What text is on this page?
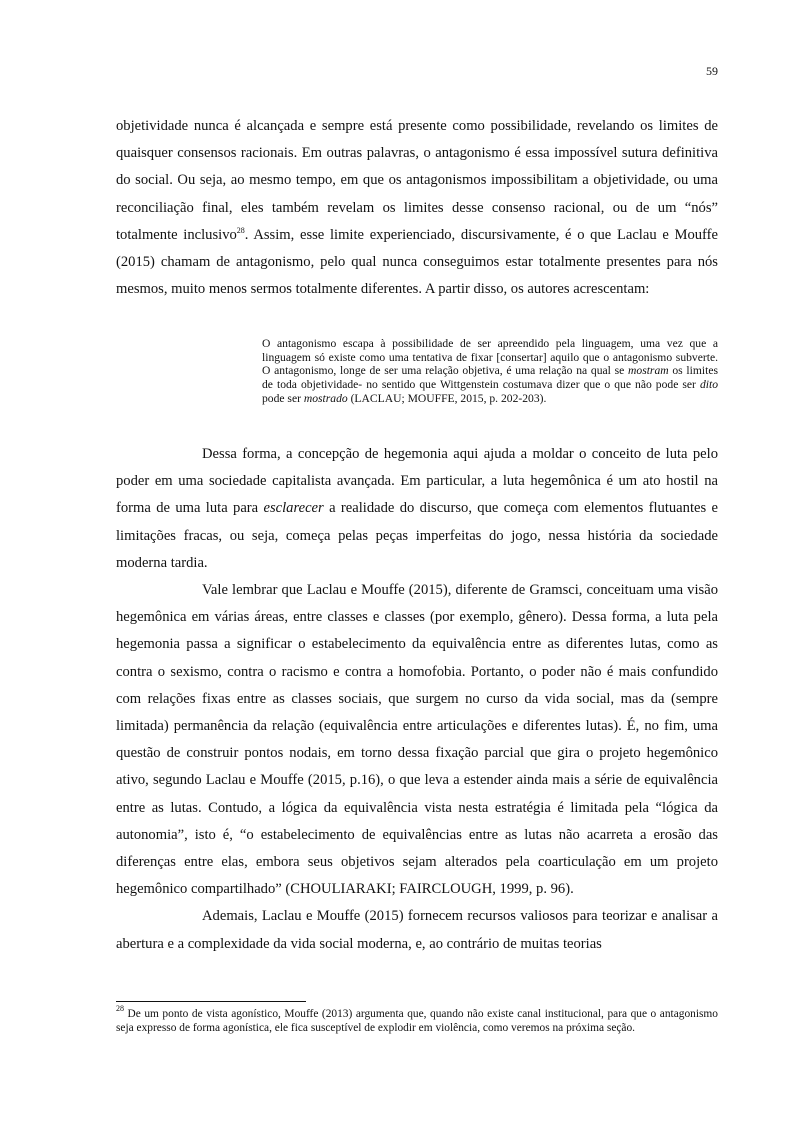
59

objetividade nunca é alcançada e sempre está presente como possibilidade, revelando os limites de quaisquer consensos racionais. Em outras palavras, o antagonismo é essa impossível sutura definitiva do social. Ou seja, ao mesmo tempo, em que os antagonismos impossibilitam a objetividade, ou uma reconciliação final, eles também revelam os limites desse consenso racional, ou de um “nós” totalmente inclusivo$^{28}$. Assim, esse limite experienciado, discursivamente, é o que Laclau e Mouffe (2015) chamam de antagonismo, pelo qual nunca conseguimos estar totalmente presentes para nós mesmos, muito menos sermos totalmente diferentes. A partir disso, os autores acrescentam:

O antagonismo escapa à possibilidade de ser apreendido pela linguagem, uma vez que a linguagem só existe como uma tentativa de fixar [consertar] aquilo que o antagonismo subverte. O antagonismo, longe de ser uma relação objetiva, é uma relação na qual se mostram os limites de toda objetividade- no sentido que Wittgenstein costumava dizer que o que não pode ser dito pode ser mostrado (LACLAU; MOUFFE, 2015, p. 202-203).

Dessa forma, a concepção de hegemonia aqui ajuda a moldar o conceito de luta pelo poder em uma sociedade capitalista avançada. Em particular, a luta hegemônica é um ato hostil na forma de uma luta para esclarecer a realidade do discurso, que começa com elementos flutuantes e limitações fracas, ou seja, começa pelas peças imperfeitas do jogo, nessa história da sociedade moderna tardia.

Vale lembrar que Laclau e Mouffe (2015), diferente de Gramsci, conceituam uma visão hegemônica em várias áreas, entre classes e classes (por exemplo, gênero). Dessa forma, a luta pela hegemonia passa a significar o estabelecimento da equivalência entre as diferentes lutas, como as contra o sexismo, contra o racismo e contra a homofobia. Portanto, o poder não é mais confundido com relações fixas entre as classes sociais, que surgem no curso da vida social, mas da (sempre limitada) permanência da relação (equivalência entre articulações e diferentes lutas). É, no fim, uma questão de construir pontos nodais, em torno dessa fixação parcial que gira o projeto hegemônico ativo, segundo Laclau e Mouffe (2015, p.16), o que leva a estender ainda mais a série de equivalência entre as lutas. Contudo, a lógica da equivalência vista nesta estratégia é limitada pela “lógica da autonomia”, isto é, “o estabelecimento de equivalências entre as lutas não acarreta a erosão das diferenças entre elas, embora seus objetivos sejam alterados pela coarticulação em um projeto hegemônico compartilhado” (CHOULIARAKI; FAIRCLOUGH, 1999, p. 96).

Ademais, Laclau e Mouffe (2015) fornecem recursos valiosos para teorizar e analisar a abertura e a complexidade da vida social moderna, e, ao contrário de muitas teorias

$^{28}$ De um ponto de vista agonístico, Mouffe (2013) argumenta que, quando não existe canal institucional, para que o antagonismo seja expresso de forma agonística, ele fica susceptível de explodir em violência, como veremos na próxima seção.
